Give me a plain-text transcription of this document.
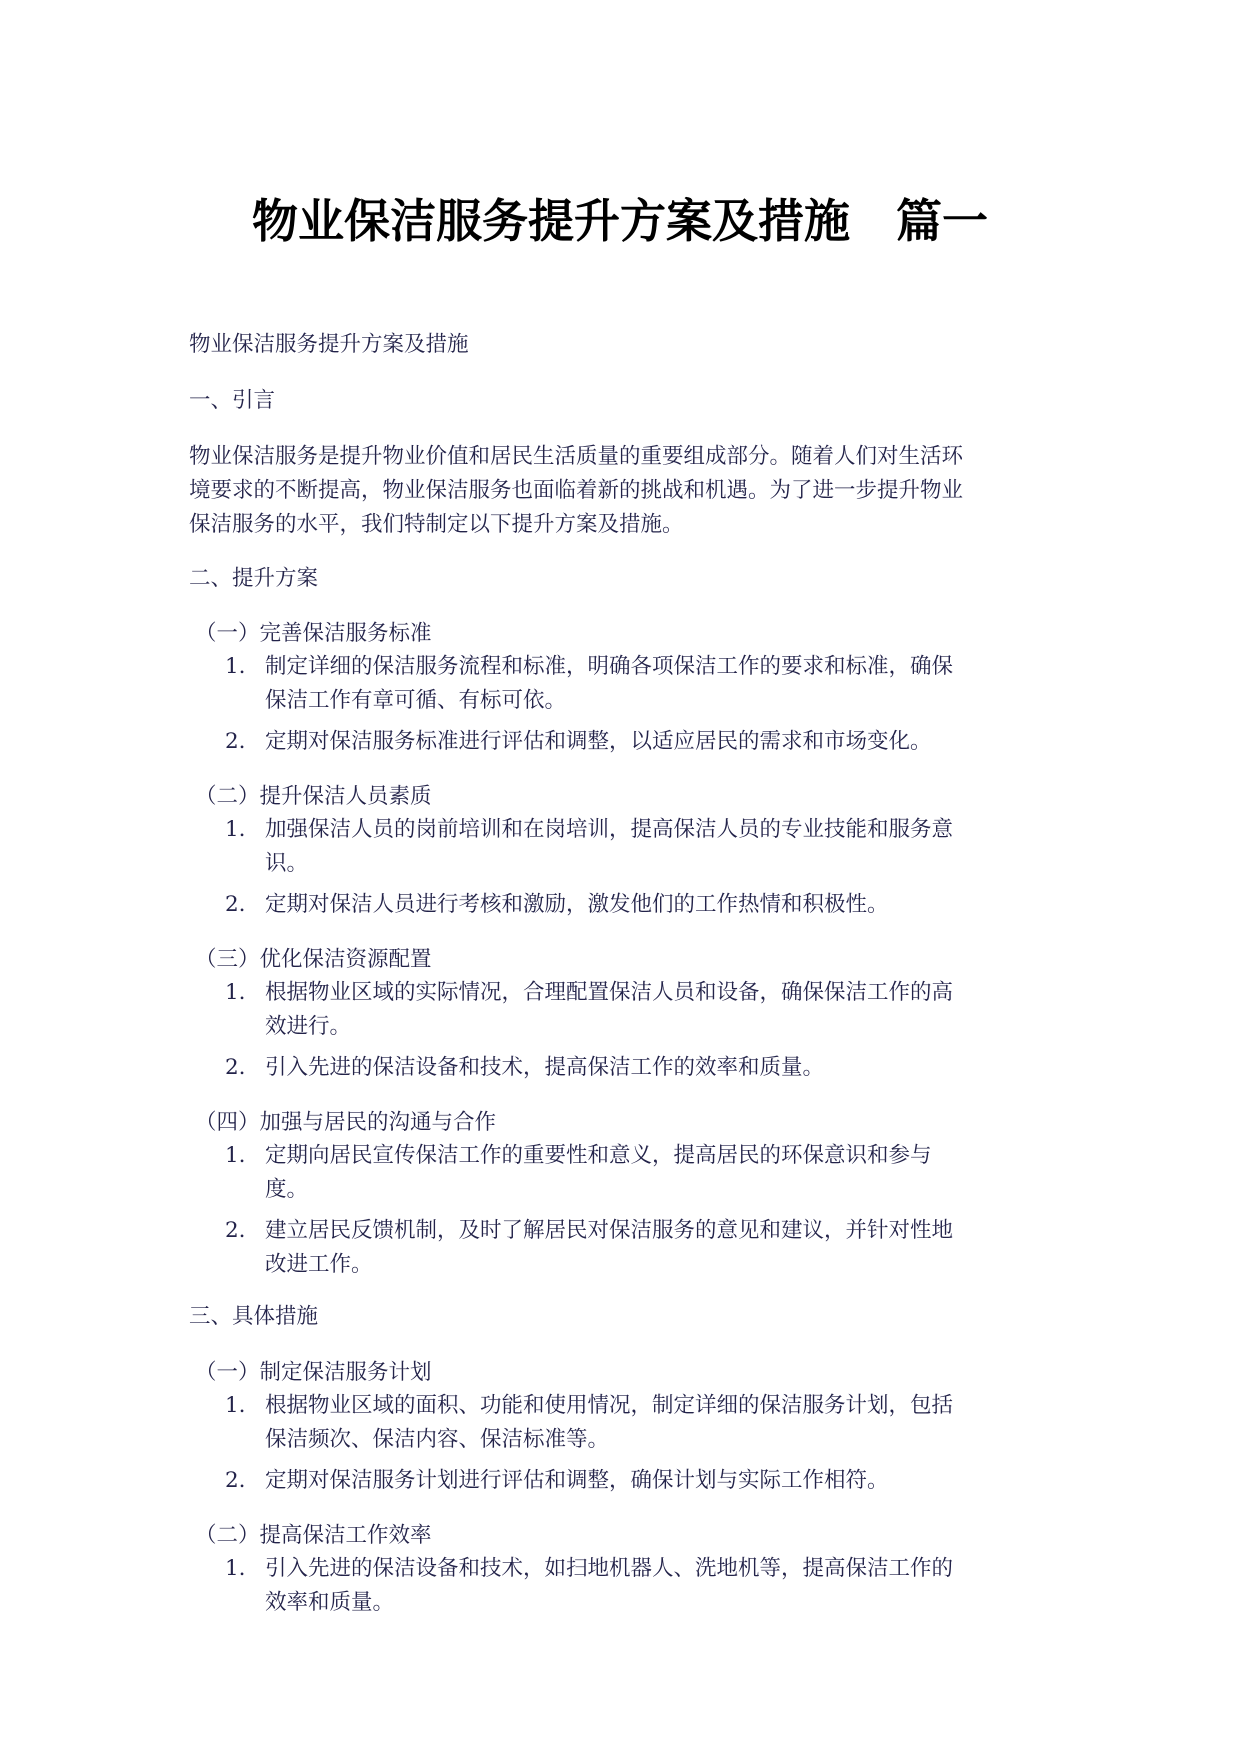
物业保洁服务提升方案及措施　篇一
物业保洁服务提升方案及措施
一、引言
物业保洁服务是提升物业价值和居民生活质量的重要组成部分。随着人们对生活环
境要求的不断提高，物业保洁服务也面临着新的挑战和机遇。为了进一步提升物业
保洁服务的水平，我们特制定以下提升方案及措施。
二、提升方案
（一）完善保洁服务标准
1. 制定详细的保洁服务流程和标准，明确各项保洁工作的要求和标准，确保
保洁工作有章可循、有标可依。
2. 定期对保洁服务标准进行评估和调整，以适应居民的需求和市场变化。
（二）提升保洁人员素质
1. 加强保洁人员的岗前培训和在岗培训，提高保洁人员的专业技能和服务意
识。
2. 定期对保洁人员进行考核和激励，激发他们的工作热情和积极性。
（三）优化保洁资源配置
1. 根据物业区域的实际情况，合理配置保洁人员和设备，确保保洁工作的高
效进行。
2. 引入先进的保洁设备和技术，提高保洁工作的效率和质量。
（四）加强与居民的沟通与合作
1. 定期向居民宣传保洁工作的重要性和意义，提高居民的环保意识和参与
度。
2. 建立居民反馈机制，及时了解居民对保洁服务的意见和建议，并针对性地
改进工作。
三、具体措施
（一）制定保洁服务计划
1. 根据物业区域的面积、功能和使用情况，制定详细的保洁服务计划，包括
保洁频次、保洁内容、保洁标准等。
2. 定期对保洁服务计划进行评估和调整，确保计划与实际工作相符。
（二）提高保洁工作效率
1. 引入先进的保洁设备和技术，如扫地机器人、洗地机等，提高保洁工作的
效率和质量。
